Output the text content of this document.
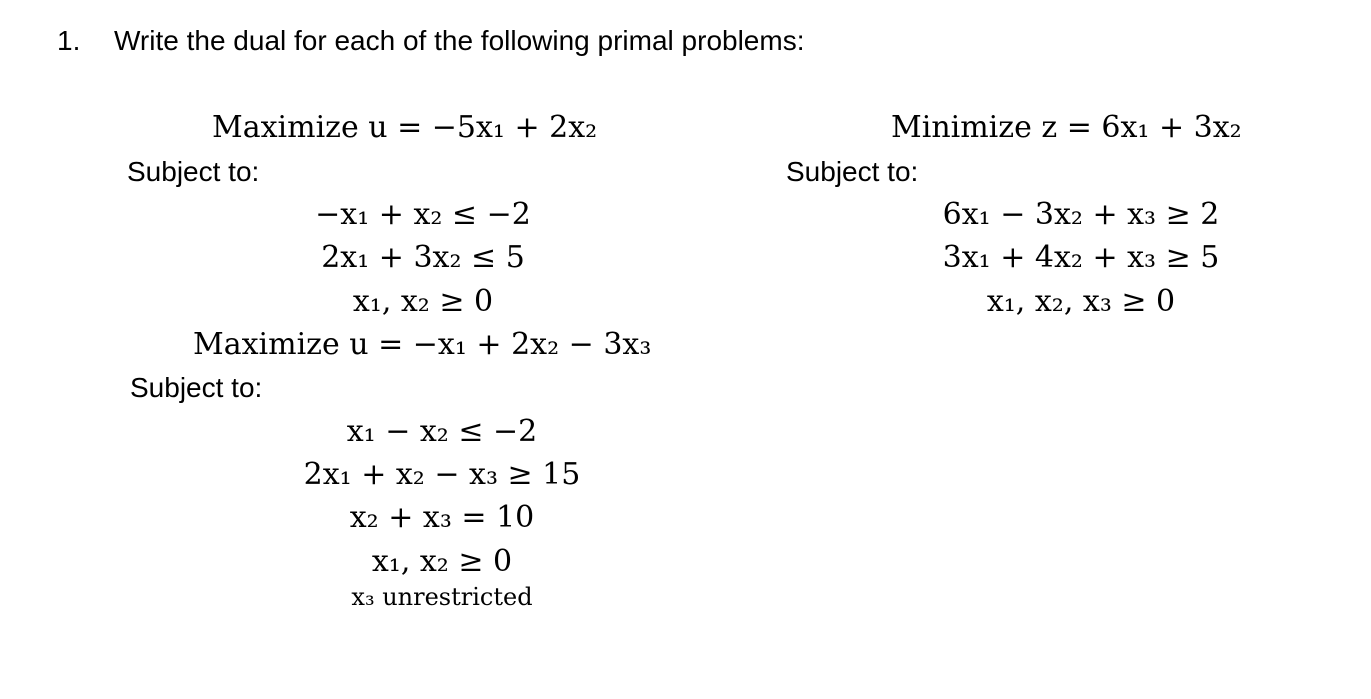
1. Write the dual for each of the following primal problems:
Maximize u = −5x₁ + 2x₂
Subject to:
−x₁ + x₂ ≤ −2
2x₁ + 3x₂ ≤ 5
x₁, x₂ ≥ 0
Maximize u = −x₁ + 2x₂ − 3x₃
Subject to:
x₁ − x₂ ≤ −2
2x₁ + x₂ − x₃ ≥ 15
x₂ + x₃ = 10
x₁, x₂ ≥ 0
x₃ unrestricted
Minimize z = 6x₁ + 3x₂
Subject to:
6x₁ − 3x₂ + x₃ ≥ 2
3x₁ + 4x₂ + x₃ ≥ 5
x₁, x₂, x₃ ≥ 0
